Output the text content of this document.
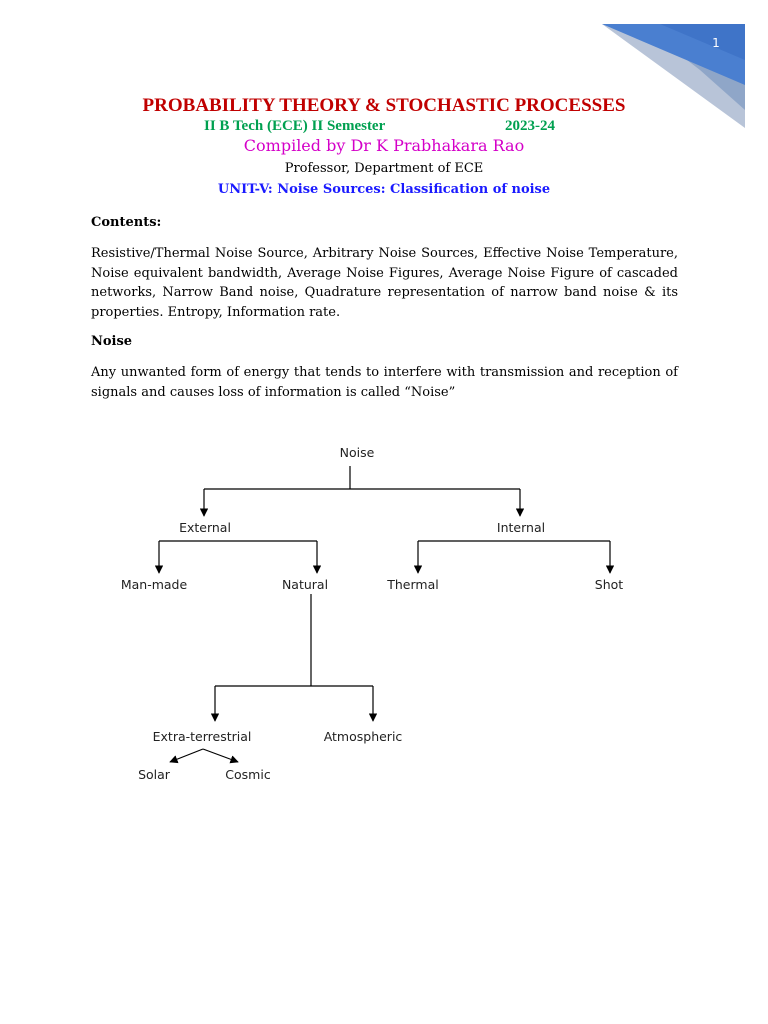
1
PROBABILITY THEORY & STOCHASTIC PROCESSES
II B Tech (ECE) II Semester	2023-24
Compiled by Dr K Prabhakara Rao
Professor, Department of ECE
UNIT-V: Noise Sources: Classification of noise
Contents:

Resistive/Thermal Noise Source, Arbitrary Noise Sources, Effective Noise Temperature, Noise equivalent bandwidth, Average Noise Figures, Average Noise Figure of cascaded networks, Narrow Band noise, Quadrature representation of narrow band noise & its properties. Entropy, Information rate.

Noise

Any unwanted form of energy that tends to interfere with transmission and reception of signals and causes loss of information is called “Noise”

Noise
External	Internal
Man-made	Natural	Thermal	Shot
Extra-terrestrial	Atmospheric
Solar	Cosmic
